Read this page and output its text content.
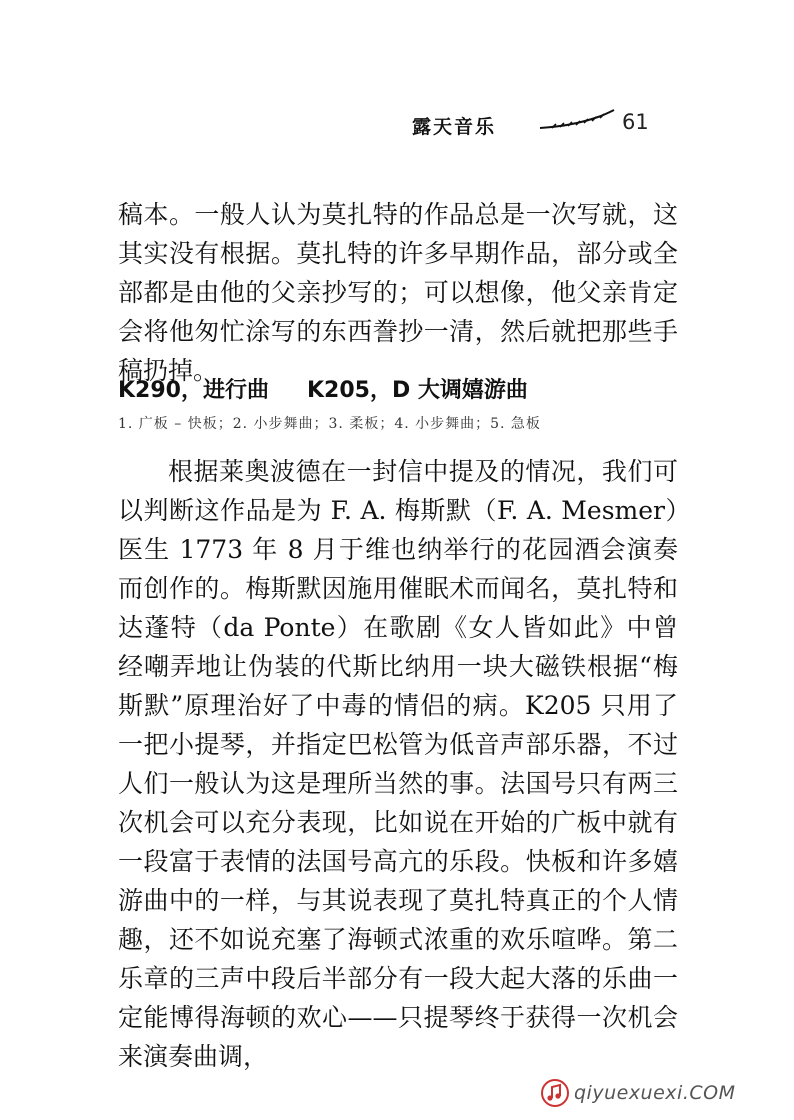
露天音乐	61

稿本。一般人认为莫扎特的作品总是一次写就，这其实没有根据。莫扎特的许多早期作品，部分或全部都是由他的父亲抄写的；可以想像，他父亲肯定会将他匆忙涂写的东西誊抄一清，然后就把那些手稿扔掉。

K290，进行曲 K205，D 大调嬉游曲

1. 广板 – 快板；2. 小步舞曲；3. 柔板；4. 小步舞曲；5. 急板

根据莱奥波德在一封信中提及的情况，我们可以判断这作品是为 F. A. 梅斯默（F. A. Mesmer）医生 1773 年 8 月于维也纳举行的花园酒会演奏而创作的。梅斯默因施用催眠术而闻名，莫扎特和达蓬特（da Ponte）在歌剧《女人皆如此》中曾经嘲弄地让伪装的代斯比纳用一块大磁铁根据“梅斯默”原理治好了中毒的情侣的病。K205 只用了一把小提琴，并指定巴松管为低音声部乐器，不过人们一般认为这是理所当然的事。法国号只有两三次机会可以充分表现，比如说在开始的广板中就有一段富于表情的法国号高亢的乐段。快板和许多嬉游曲中的一样，与其说表现了莫扎特真正的个人情趣，还不如说充塞了海顿式浓重的欢乐喧哗。第二乐章的三声中段后半部分有一段大起大落的乐曲一定能博得海顿的欢心——只提琴终于获得一次机会来演奏曲调，

qiyuexuexi.COM
